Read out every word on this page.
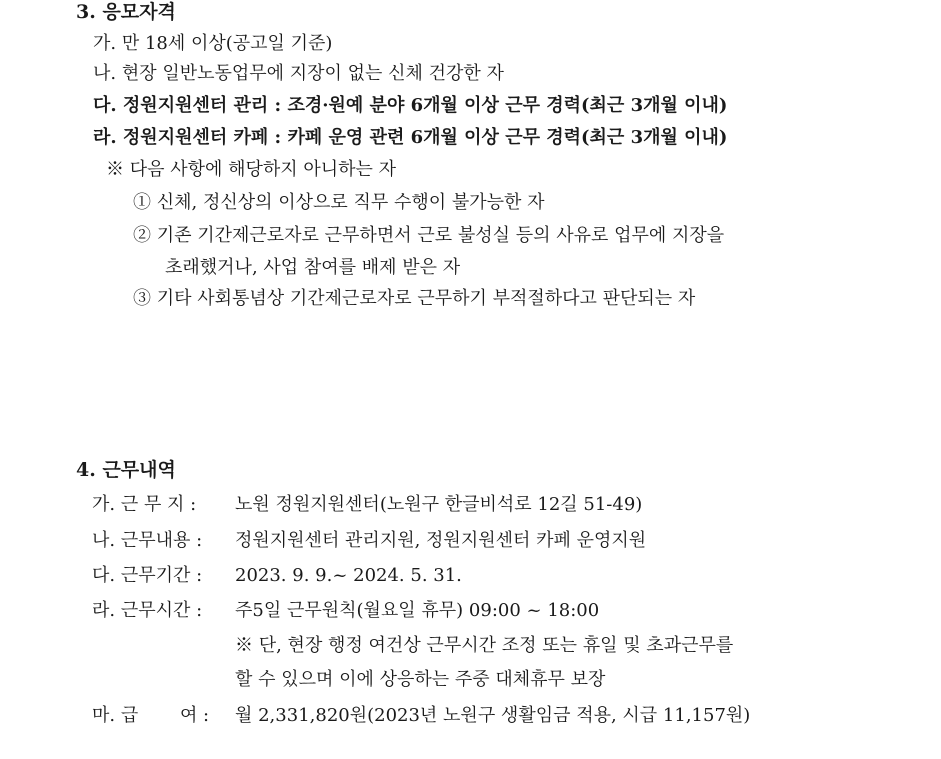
3. 응모자격
가. 만 18세 이상(공고일 기준)
나. 현장 일반노동업무에 지장이 없는 신체 건강한 자
다. 정원지원센터 관리 : 조경·원예 분야 6개월 이상 근무 경력(최근 3개월 이내)
라. 정원지원센터 카페 : 카페 운영 관련 6개월 이상 근무 경력(최근 3개월 이내)
※ 다음 사항에 해당하지 아니하는 자
① 신체, 정신상의 이상으로 직무 수행이 불가능한 자
② 기존 기간제근로자로 근무하면서 근로 불성실 등의 사유로 업무에 지장을
초래했거나, 사업 참여를 배제 받은 자
③ 기타 사회통념상 기간제근로자로 근무하기 부적절하다고 판단되는 자
4. 근무내역
가. 근 무 지 : 노원 정원지원센터(노원구 한글비석로 12길 51-49)
나. 근무내용 : 정원지원센터 관리지원, 정원지원센터 카페 운영지원
다. 근무기간 : 2023. 9. 9.~ 2024. 5. 31.
라. 근무시간 : 주5일 근무원칙(월요일 휴무) 09:00 ~ 18:00
※ 단, 현장 행정 여건상 근무시간 조정 또는 휴일 및 초과근무를
할 수 있으며 이에 상응하는 주중 대체휴무 보장
마. 급　　 여 : 월 2,331,820원(2023년 노원구 생활임금 적용, 시급 11,157원)
